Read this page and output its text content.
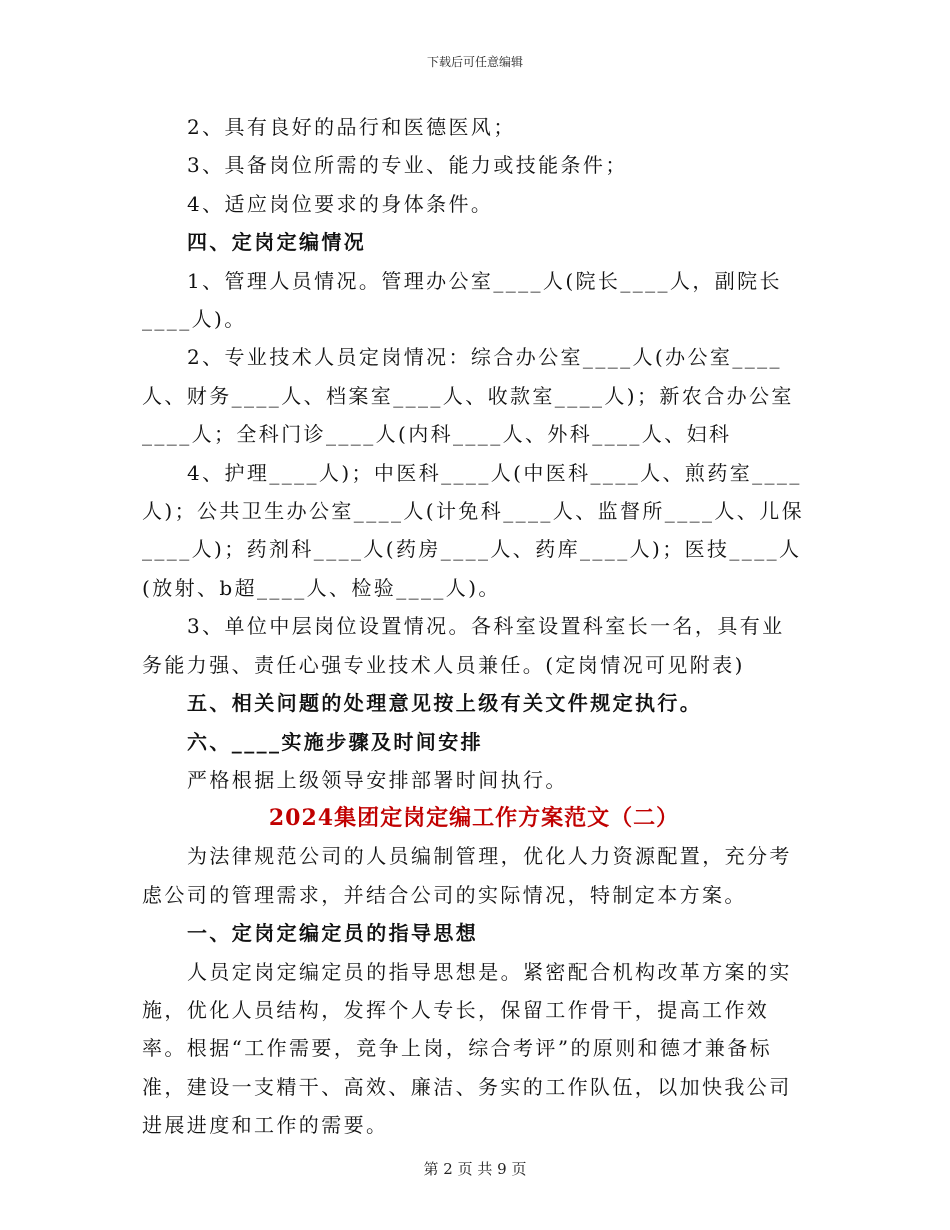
下载后可任意编辑

2、具有良好的品行和医德医风；

3、具备岗位所需的专业、能力或技能条件；

4、适应岗位要求的身体条件。

四、定岗定编情况

1、管理人员情况。管理办公室____人(院长____人，副院长____人)。

2、专业技术人员定岗情况：综合办公室____人(办公室____人、财务____人、档案室____人、收款室____人)；新农合办公室____人；全科门诊____人(内科____人、外科____人、妇科

4、护理____人)；中医科____人(中医科____人、煎药室____人)；公共卫生办公室____人(计免科____人、监督所____人、儿保____人)；药剂科____人(药房____人、药库____人)；医技____人(放射、b超____人、检验____人)。

3、单位中层岗位设置情况。各科室设置科室长一名，具有业务能力强、责任心强专业技术人员兼任。(定岗情况可见附表)

五、相关问题的处理意见按上级有关文件规定执行。

六、____实施步骤及时间安排

严格根据上级领导安排部署时间执行。

2024集团定岗定编工作方案范文（二）

为法律规范公司的人员编制管理，优化人力资源配置，充分考虑公司的管理需求，并结合公司的实际情况，特制定本方案。

一、定岗定编定员的指导思想

人员定岗定编定员的指导思想是。紧密配合机构改革方案的实施，优化人员结构，发挥个人专长，保留工作骨干，提高工作效率。根据“工作需要，竞争上岗，综合考评”的原则和德才兼备标准，建设一支精干、高效、廉洁、务实的工作队伍，以加快我公司进展进度和工作的需要。

第 2 页 共 9 页
